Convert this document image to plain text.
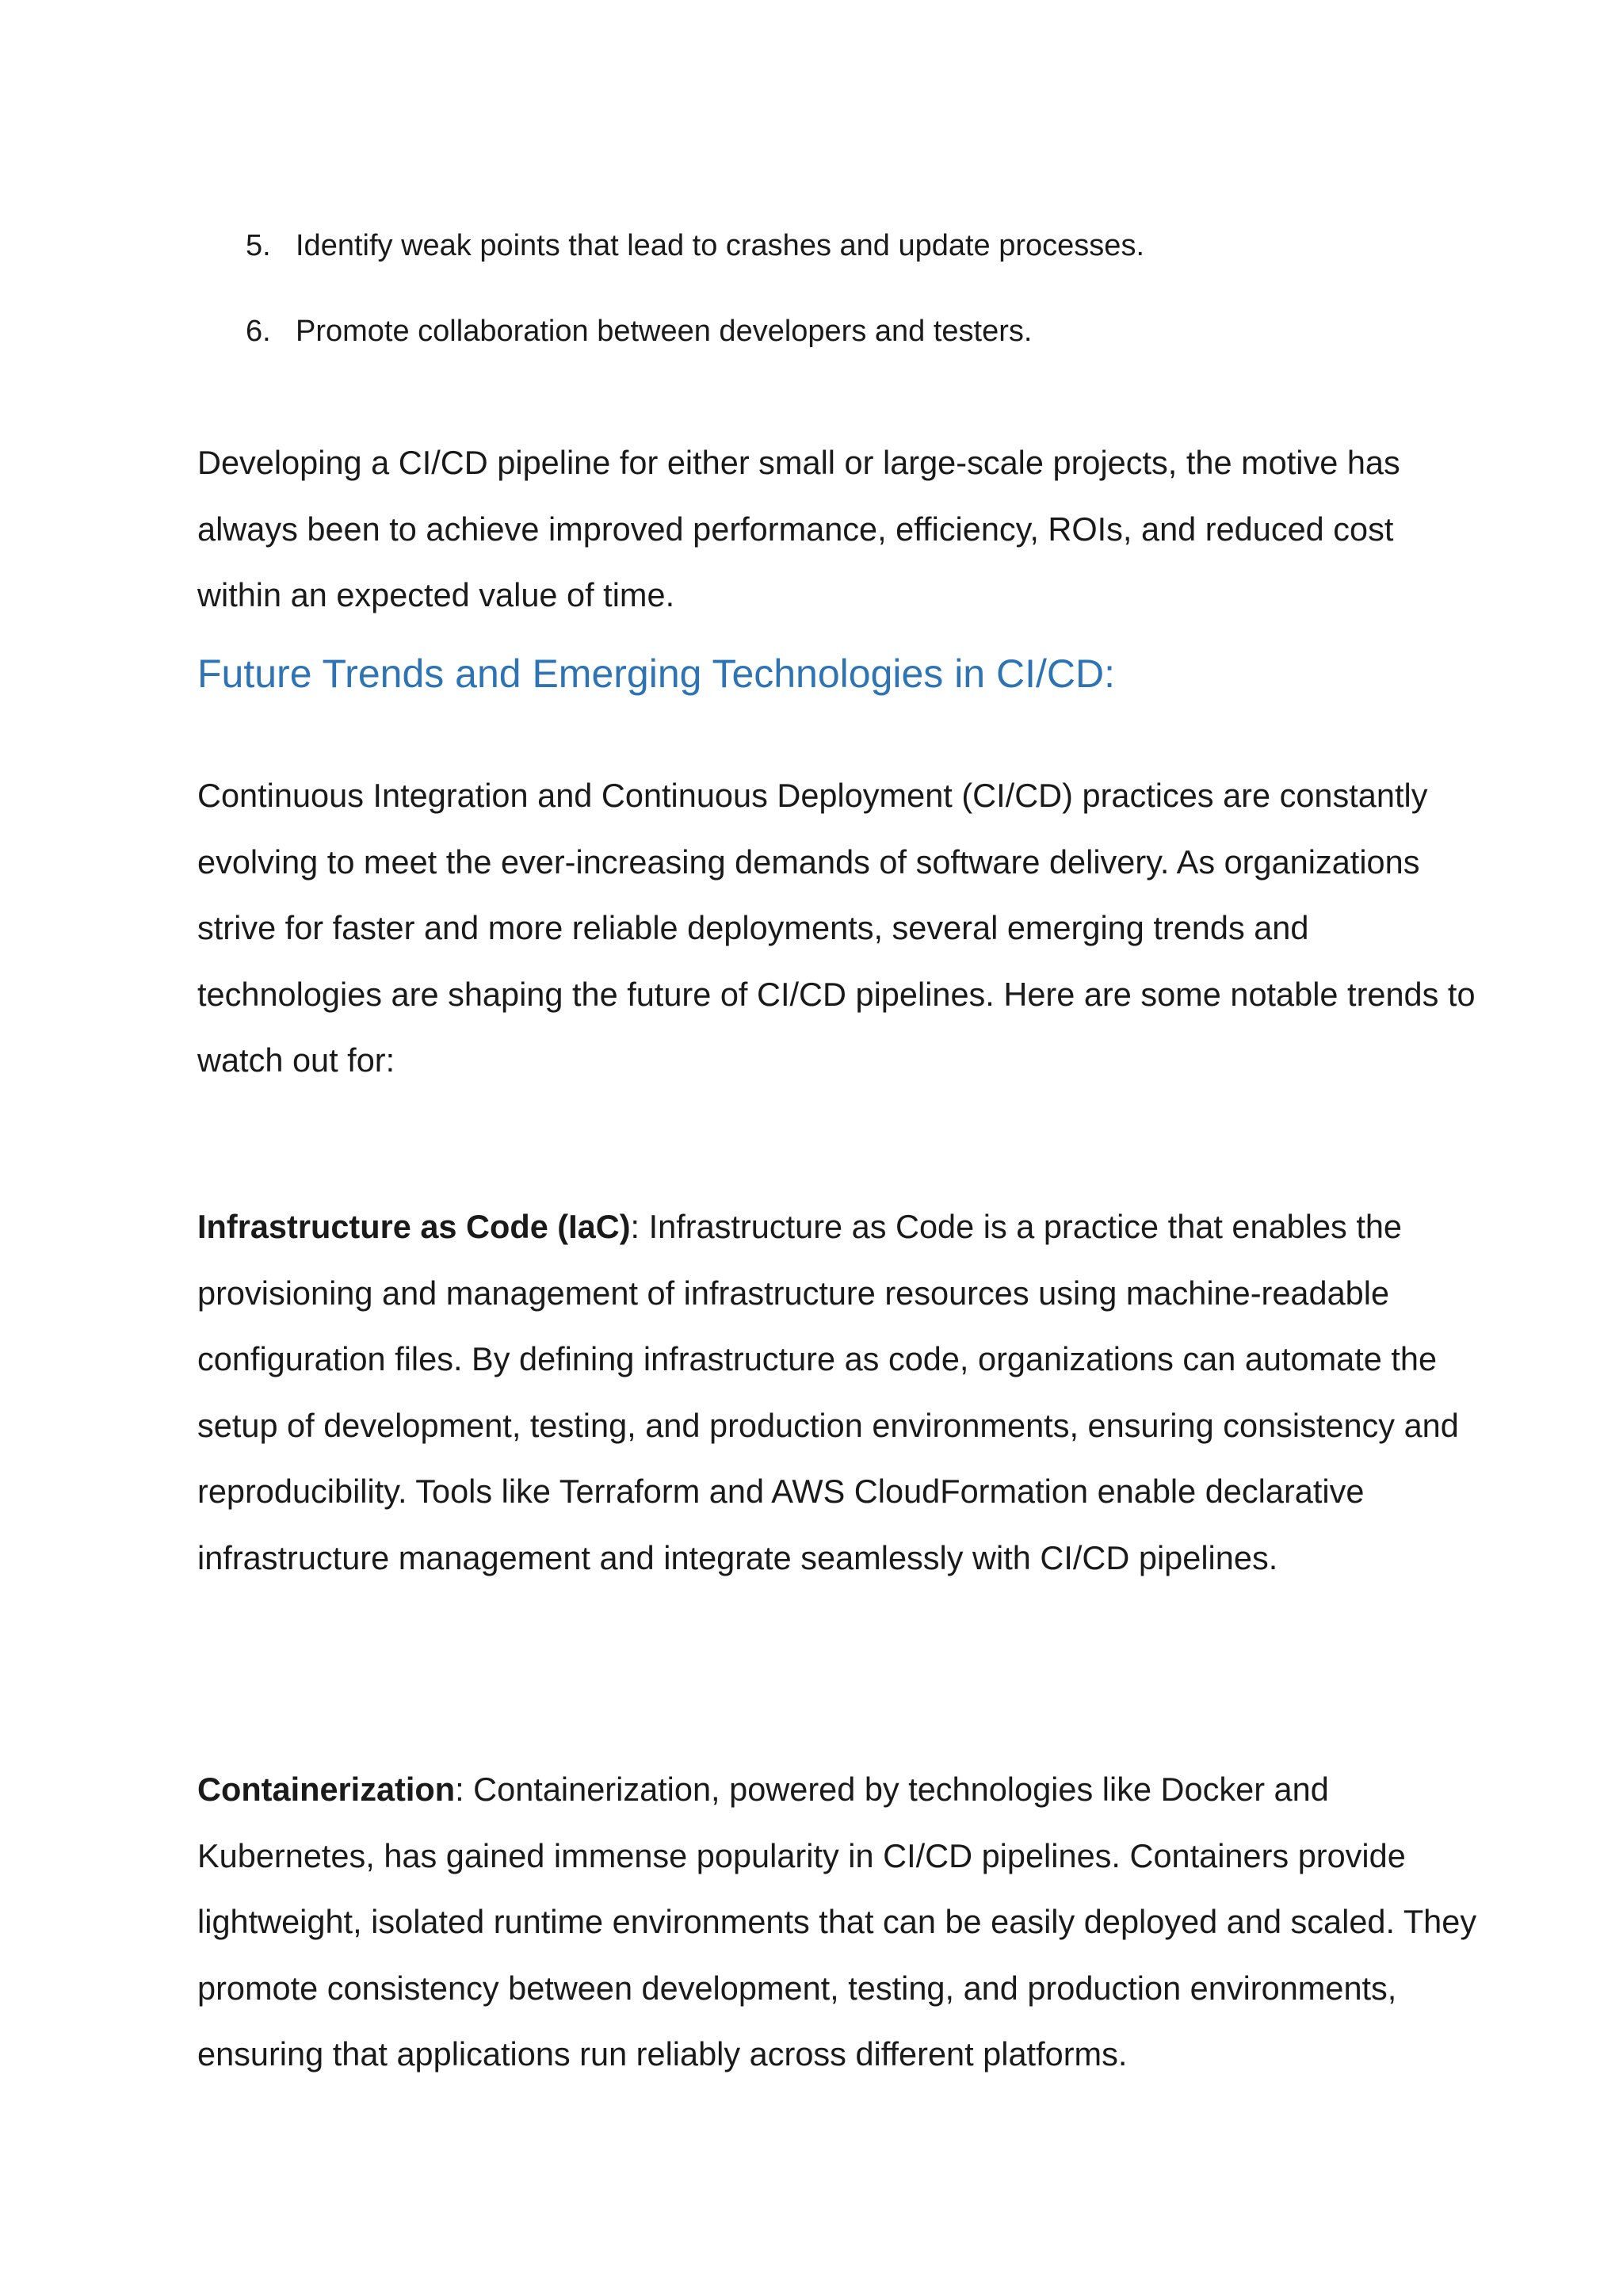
5. Identify weak points that lead to crashes and update processes.
6. Promote collaboration between developers and testers.

Developing a CI/CD pipeline for either small or large-scale projects, the motive has always been to achieve improved performance, efficiency, ROIs, and reduced cost within an expected value of time.

Future Trends and Emerging Technologies in CI/CD:

Continuous Integration and Continuous Deployment (CI/CD) practices are constantly evolving to meet the ever-increasing demands of software delivery. As organizations strive for faster and more reliable deployments, several emerging trends and technologies are shaping the future of CI/CD pipelines. Here are some notable trends to watch out for:

Infrastructure as Code (IaC): Infrastructure as Code is a practice that enables the provisioning and management of infrastructure resources using machine-readable configuration files. By defining infrastructure as code, organizations can automate the setup of development, testing, and production environments, ensuring consistency and reproducibility. Tools like Terraform and AWS CloudFormation enable declarative infrastructure management and integrate seamlessly with CI/CD pipelines.

Containerization: Containerization, powered by technologies like Docker and Kubernetes, has gained immense popularity in CI/CD pipelines. Containers provide lightweight, isolated runtime environments that can be easily deployed and scaled. They promote consistency between development, testing, and production environments, ensuring that applications run reliably across different platforms.
